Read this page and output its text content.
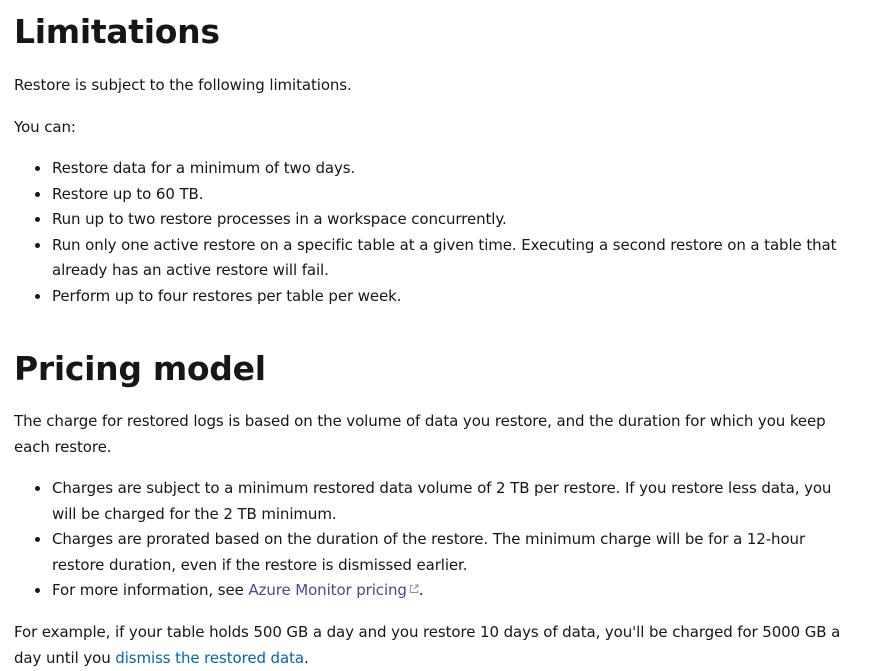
Limitations

Restore is subject to the following limitations.

You can:

Restore data for a minimum of two days.
Restore up to 60 TB.
Run up to two restore processes in a workspace concurrently.
Run only one active restore on a specific table at a given time. Executing a second restore on a table that already has an active restore will fail.
Perform up to four restores per table per week.
Pricing model

The charge for restored logs is based on the volume of data you restore, and the duration for which you keep each restore.

Charges are subject to a minimum restored data volume of 2 TB per restore. If you restore less data, you will be charged for the 2 TB minimum.
Charges are prorated based on the duration of the restore. The minimum charge will be for a 12-hour restore duration, even if the restore is dismissed earlier.
For more information, see Azure Monitor pricing .

For example, if your table holds 500 GB a day and you restore 10 days of data, you'll be charged for 5000 GB a day until you dismiss the restored data.
